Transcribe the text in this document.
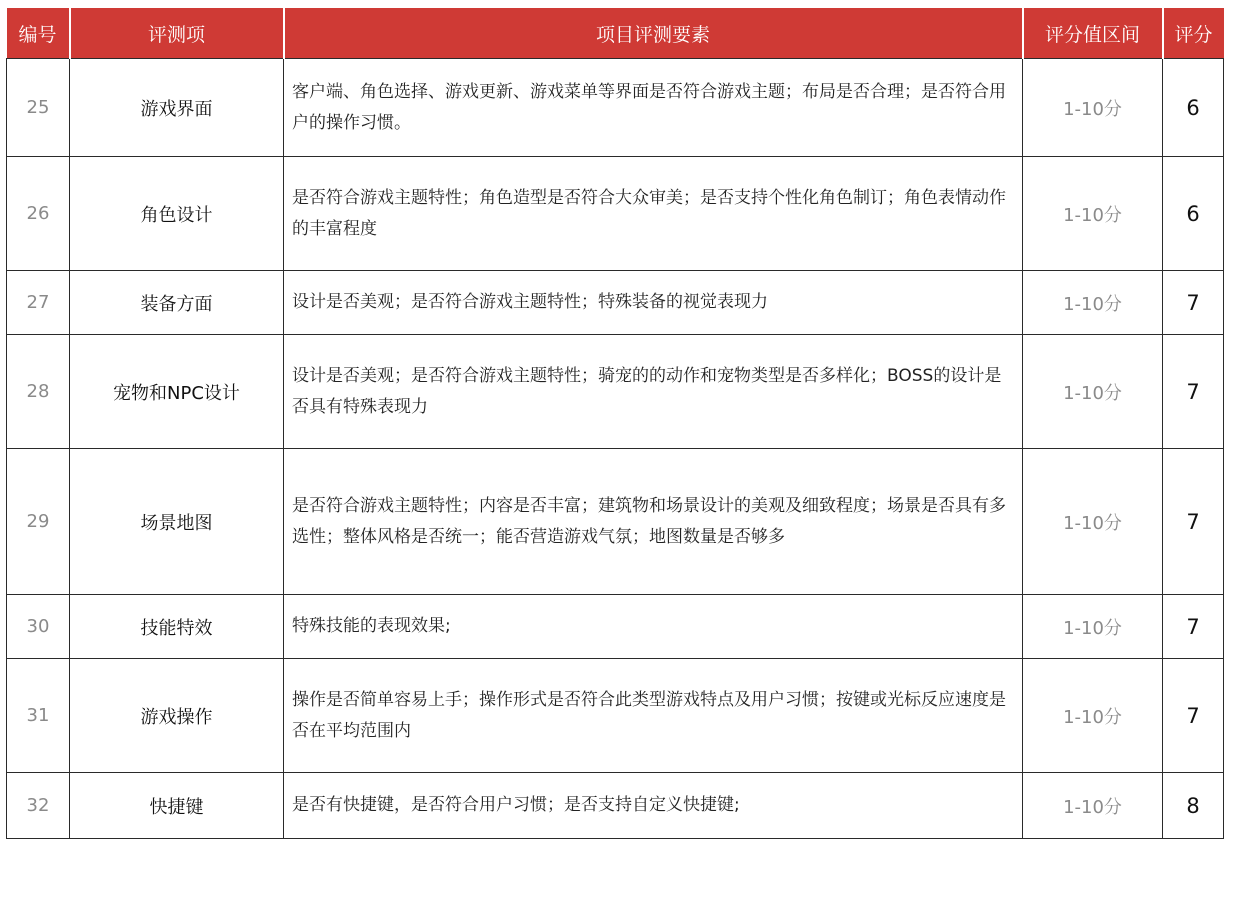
编号	评测项	项目评测要素	评分值区间	评分
25	游戏界面	客户端、角色选择、游戏更新、游戏菜单等界面是否符合游戏主题；布局是否合理；是否符合用户的操作习惯。	1-10分	6
26	角色设计	是否符合游戏主题特性；角色造型是否符合大众审美；是否支持个性化角色制订；角色表情动作的丰富程度	1-10分	6
27	装备方面	设计是否美观；是否符合游戏主题特性；特殊装备的视觉表现力	1-10分	7
28	宠物和NPC设计	设计是否美观；是否符合游戏主题特性；骑宠的的动作和宠物类型是否多样化；BOSS的设计是否具有特殊表现力	1-10分	7
29	场景地图	是否符合游戏主题特性；内容是否丰富；建筑物和场景设计的美观及细致程度；场景是否具有多选性；整体风格是否统一；能否营造游戏气氛；地图数量是否够多	1-10分	7
30	技能特效	特殊技能的表现效果;	1-10分	7
31	游戏操作	操作是否简单容易上手；操作形式是否符合此类型游戏特点及用户习惯；按键或光标反应速度是否在平均范围内	1-10分	7
32	快捷键	是否有快捷键，是否符合用户习惯；是否支持自定义快捷键;	1-10分	8
